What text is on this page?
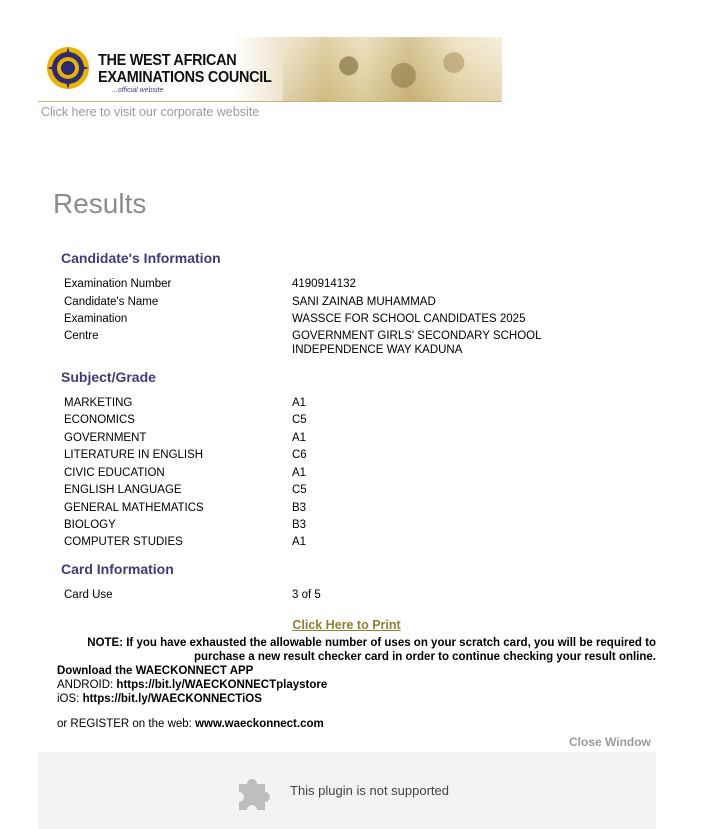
THE WEST AFRICAN
EXAMINATIONS COUNCIL
...official website
Click here to visit our corporate website
Results
Candidate's Information
Examination Number	4190914132
Candidate's Name	SANI ZAINAB MUHAMMAD
Examination	WASSCE FOR SCHOOL CANDIDATES 2025
Centre	GOVERNMENT GIRLS' SECONDARY SCHOOL INDEPENDENCE WAY KADUNA
Subject/Grade
MARKETING	A1
ECONOMICS	C5
GOVERNMENT	A1
LITERATURE IN ENGLISH	C6
CIVIC EDUCATION	A1
ENGLISH LANGUAGE	C5
GENERAL MATHEMATICS	B3
BIOLOGY	B3
COMPUTER STUDIES	A1
Card Information
Card Use	3 of 5
Click Here to Print
NOTE: If you have exhausted the allowable number of uses on your scratch card, you will be required to purchase a new result checker card in order to continue checking your result online.
Download the WAECKONNECT APP
ANDROID: https://bit.ly/WAECKONNECTplaystore
iOS: https://bit.ly/WAECKONNECTiOS
or REGISTER on the web: www.waeckonnect.com
Close Window
This plugin is not supported
